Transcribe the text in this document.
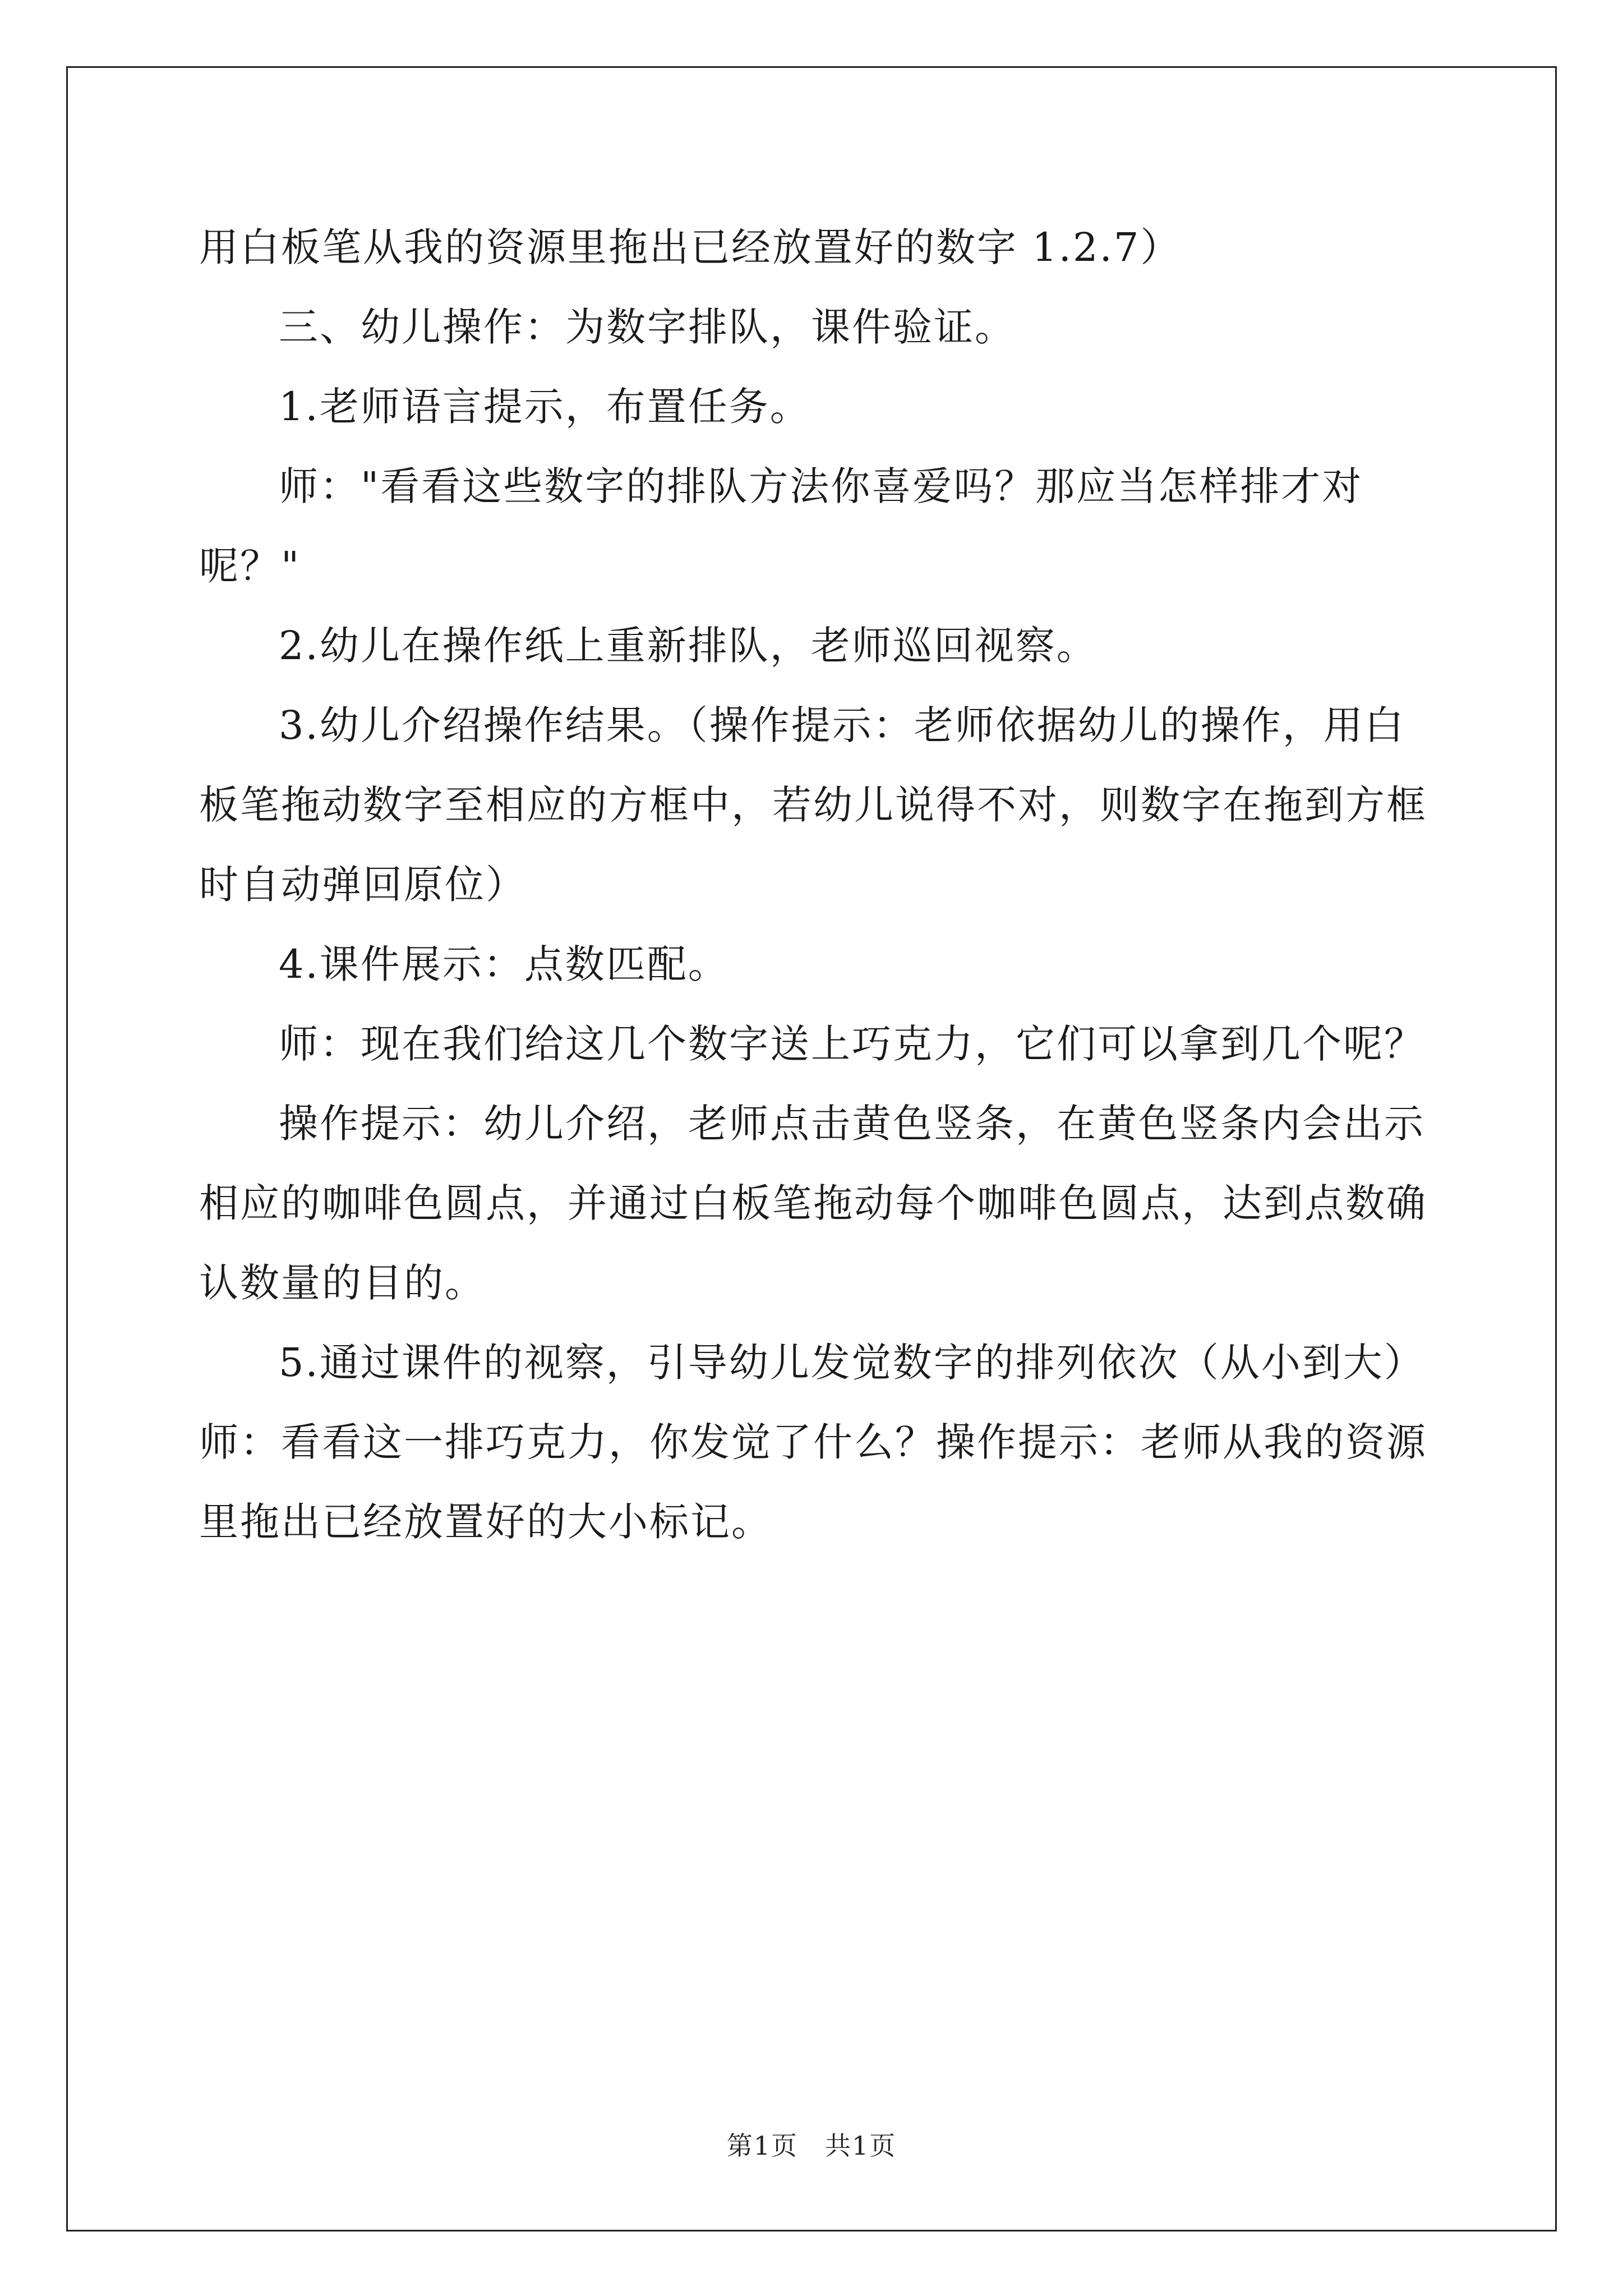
用白板笔从我的资源里拖出已经放置好的数字 1.2.7）

三、幼儿操作：为数字排队，课件验证。

1.老师语言提示，布置任务。

师："看看这些数字的排队方法你喜爱吗？那应当怎样排才对呢？"

2.幼儿在操作纸上重新排队，老师巡回视察。

3.幼儿介绍操作结果。（操作提示：老师依据幼儿的操作，用白板笔拖动数字至相应的方框中，若幼儿说得不对，则数字在拖到方框时自动弹回原位）

4.课件展示：点数匹配。

师：现在我们给这几个数字送上巧克力，它们可以拿到几个呢？

操作提示：幼儿介绍，老师点击黄色竖条，在黄色竖条内会出示相应的咖啡色圆点，并通过白板笔拖动每个咖啡色圆点，达到点数确认数量的目的。

5.通过课件的视察，引导幼儿发觉数字的排列依次（从小到大）师：看看这一排巧克力，你发觉了什么？操作提示：老师从我的资源里拖出已经放置好的大小标记。

第1页 共1页
